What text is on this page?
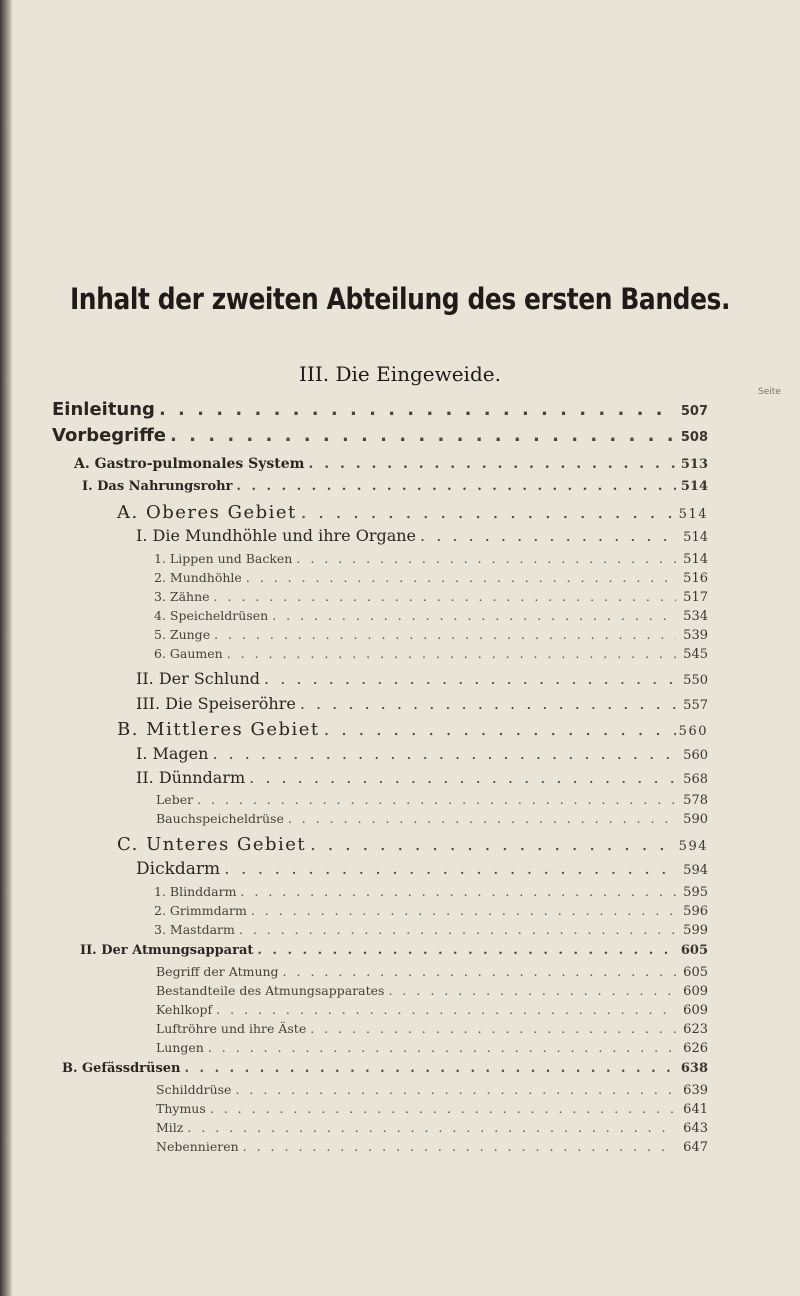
Inhalt der zweiten Abteilung des ersten Bandes.
III. Die Eingeweide.
Seite
Einleitung . . .	507
Vorbegriffe . . .	508
A. Gastro-pulmonales System . . .	513
I. Das Nahrungsrohr . . .	514
A. Oberes Gebiet . . .	514
I. Die Mundhöhle und ihre Organe . . .	514
1. Lippen und Backen . . .	514
2. Mundhöhle . . .	516
3. Zähne . . .	517
4. Speicheldrüsen . . .	534
5. Zunge . . .	539
6. Gaumen . . .	545
II. Der Schlund . . .	550
III. Die Speiseröhre . . .	557
B. Mittleres Gebiet . . .	560
I. Magen . . .	560
II. Dünndarm . . .	568
Leber . . .	578
Bauchspeicheldrüse . . .	590
C. Unteres Gebiet . . .	594
Dickdarm . . .	594
1. Blinddarm . . .	595
2. Grimmdarm . . .	596
3. Mastdarm . . .	599
II. Der Atmungsapparat . . .	605
Begriff der Atmung . . .	605
Bestandteile des Atmungsapparates . . .	609
Kehlkopf . . .	609
Luftröhre und ihre Äste . . .	623
Lungen . . .	626
B. Gefässdrüsen . . .	638
Schilddrüse . . .	639
Thymus . . .	641
Milz . . .	643
Nebennieren . . .	647
